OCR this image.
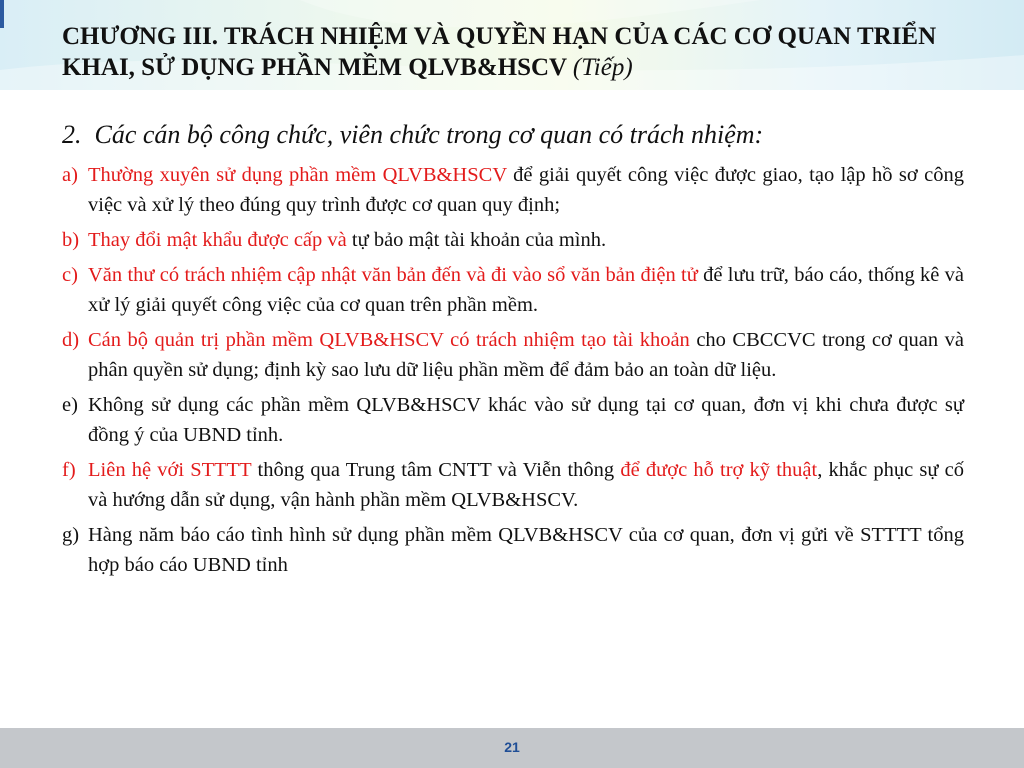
CHƯƠNG III. TRÁCH NHIỆM VÀ QUYỀN HẠN CỦA CÁC CƠ QUAN TRIỂN KHAI, SỬ DỤNG PHẦN MỀM QLVB&HSCV (Tiếp)

2. Các cán bộ công chức, viên chức trong cơ quan có trách nhiệm:

a) Thường xuyên sử dụng phần mềm QLVB&HSCV để giải quyết công việc được giao, tạo lập hồ sơ công việc và xử lý theo đúng quy trình được cơ quan quy định;
b) Thay đổi mật khẩu được cấp và tự bảo mật tài khoản của mình.
c) Văn thư có trách nhiệm cập nhật văn bản đến và đi vào sổ văn bản điện tử để lưu trữ, báo cáo, thống kê và xử lý giải quyết công việc của cơ quan trên phần mềm.
d) Cán bộ quản trị phần mềm QLVB&HSCV có trách nhiệm tạo tài khoản cho CBCCVC trong cơ quan và phân quyền sử dụng; định kỳ sao lưu dữ liệu phần mềm để đảm bảo an toàn dữ liệu.
e) Không sử dụng các phần mềm QLVB&HSCV khác vào sử dụng tại cơ quan, đơn vị khi chưa được sự đồng ý của UBND tỉnh.
f) Liên hệ với STTTT thông qua Trung tâm CNTT và Viễn thông để được hỗ trợ kỹ thuật, khắc phục sự cố và hướng dẫn sử dụng, vận hành phần mềm QLVB&HSCV.
g) Hàng năm báo cáo tình hình sử dụng phần mềm QLVB&HSCV của cơ quan, đơn vị gửi về STTTT tổng hợp báo cáo UBND tỉnh
21
